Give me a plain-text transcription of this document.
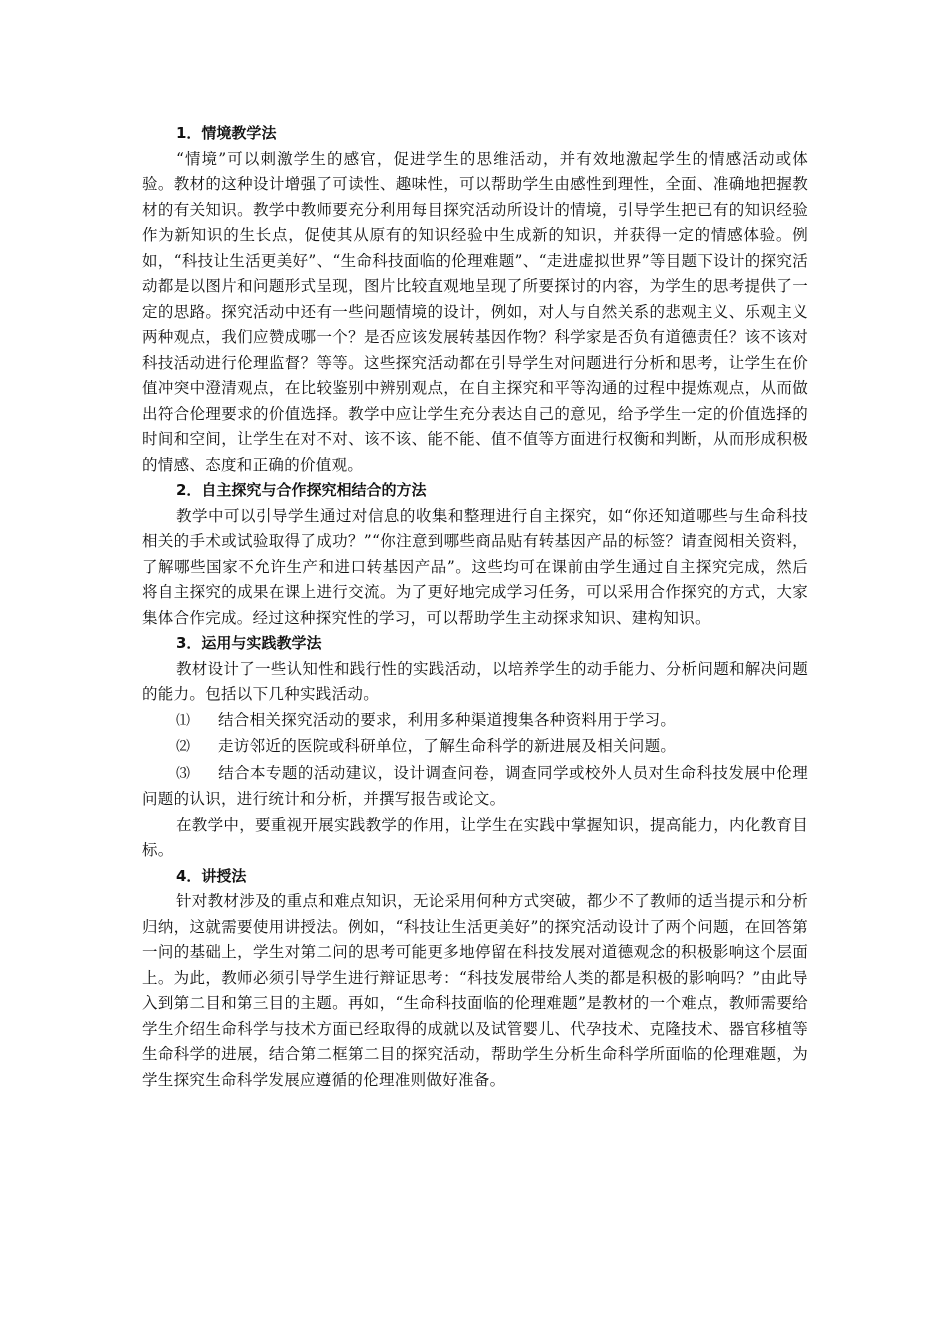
1．情境教学法

“情境”可以刺激学生的感官，促进学生的思维活动，并有效地激起学生的情感活动或体验。教材的这种设计增强了可读性、趣味性，可以帮助学生由感性到理性，全面、准确地把握教材的有关知识。教学中教师要充分利用每目探究活动所设计的情境，引导学生把已有的知识经验作为新知识的生长点，促使其从原有的知识经验中生成新的知识，并获得一定的情感体验。例如，“科技让生活更美好”、“生命科技面临的伦理难题”、“走进虚拟世界”等目题下设计的探究活动都是以图片和问题形式呈现，图片比较直观地呈现了所要探讨的内容，为学生的思考提供了一定的思路。探究活动中还有一些问题情境的设计，例如，对人与自然关系的悲观主义、乐观主义两种观点，我们应赞成哪一个？是否应该发展转基因作物？科学家是否负有道德责任？该不该对科技活动进行伦理监督？等等。这些探究活动都在引导学生对问题进行分析和思考，让学生在价值冲突中澄清观点，在比较鉴别中辨别观点，在自主探究和平等沟通的过程中提炼观点，从而做出符合伦理要求的价值选择。教学中应让学生充分表达自己的意见，给予学生一定的价值选择的时间和空间，让学生在对不对、该不该、能不能、值不值等方面进行权衡和判断，从而形成积极的情感、态度和正确的价值观。

2．自主探究与合作探究相结合的方法

教学中可以引导学生通过对信息的收集和整理进行自主探究，如“你还知道哪些与生命科技相关的手术或试验取得了成功？”“你注意到哪些商品贴有转基因产品的标签？请查阅相关资料，了解哪些国家不允许生产和进口转基因产品”。这些均可在课前由学生通过自主探究完成，然后将自主探究的成果在课上进行交流。为了更好地完成学习任务，可以采用合作探究的方式，大家集体合作完成。经过这种探究性的学习，可以帮助学生主动探求知识、建构知识。

3．运用与实践教学法

教材设计了一些认知性和践行性的实践活动，以培养学生的动手能力、分析问题和解决问题的能力。包括以下几种实践活动。

⑴ 结合相关探究活动的要求，利用多种渠道搜集各种资料用于学习。

⑵ 走访邻近的医院或科研单位，了解生命科学的新进展及相关问题。

⑶ 结合本专题的活动建议，设计调查问卷，调查同学或校外人员对生命科技发展中伦理问题的认识，进行统计和分析，并撰写报告或论文。

在教学中，要重视开展实践教学的作用，让学生在实践中掌握知识，提高能力，内化教育目标。

4．讲授法

针对教材涉及的重点和难点知识，无论采用何种方式突破，都少不了教师的适当提示和分析归纳，这就需要使用讲授法。例如，“科技让生活更美好”的探究活动设计了两个问题，在回答第一问的基础上，学生对第二问的思考可能更多地停留在科技发展对道德观念的积极影响这个层面上。为此，教师必须引导学生进行辩证思考：“科技发展带给人类的都是积极的影响吗？”由此导入到第二目和第三目的主题。再如，“生命科技面临的伦理难题”是教材的一个难点，教师需要给学生介绍生命科学与技术方面已经取得的成就以及试管婴儿、代孕技术、克隆技术、器官移植等生命科学的进展，结合第二框第二目的探究活动，帮助学生分析生命科学所面临的伦理难题，为学生探究生命科学发展应遵循的伦理准则做好准备。
